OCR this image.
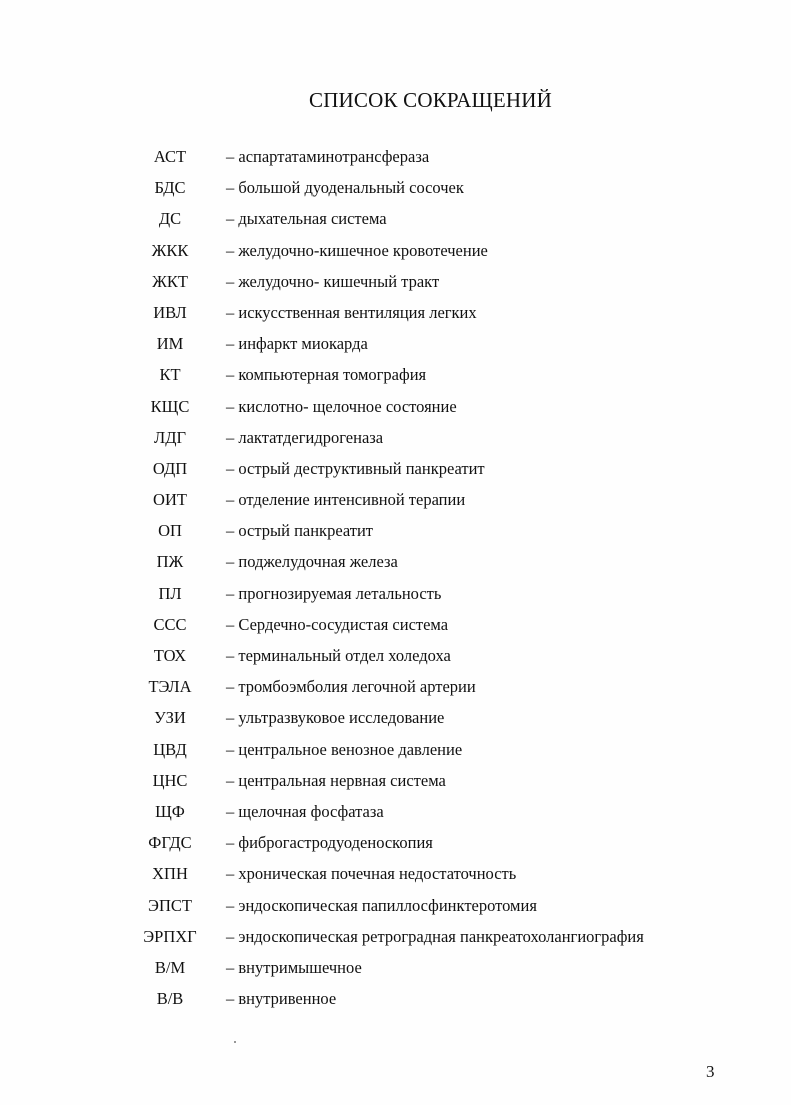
СПИСОК СОКРАЩЕНИЙ
АСТ	– аспартатаминотрансфераза
БДС	– большой дуоденальный сосочек
ДС	– дыхательная система
ЖКК	– желудочно-кишечное кровотечение
ЖКТ	– желудочно- кишечный тракт
ИВЛ	– искусственная вентиляция легких
ИМ	– инфаркт миокарда
КТ	– компьютерная томография
КЩС	– кислотно- щелочное состояние
ЛДГ	– лактатдегидрогеназа
ОДП	– острый деструктивный панкреатит
ОИТ	– отделение интенсивной терапии
ОП	– острый панкреатит
ПЖ	– поджелудочная железа
ПЛ	– прогнозируемая летальность
ССС	– Сердечно-сосудистая система
ТОХ	– терминальный отдел холедоха
ТЭЛА	– тромбоэмболия легочной артерии
УЗИ	– ультразвуковое исследование
ЦВД	– центральное венозное давление
ЦНС	– центральная нервная система
ЩФ	– щелочная фосфатаза
ФГДС	– фиброгастродуоденоскопия
ХПН	– хроническая почечная недостаточность
ЭПСТ	– эндоскопическая папиллосфинктеротомия
ЭРПХГ	– эндоскопическая ретроградная панкреатохолангиография
В/М	– внутримышечное
В/В	– внутривенное
3
